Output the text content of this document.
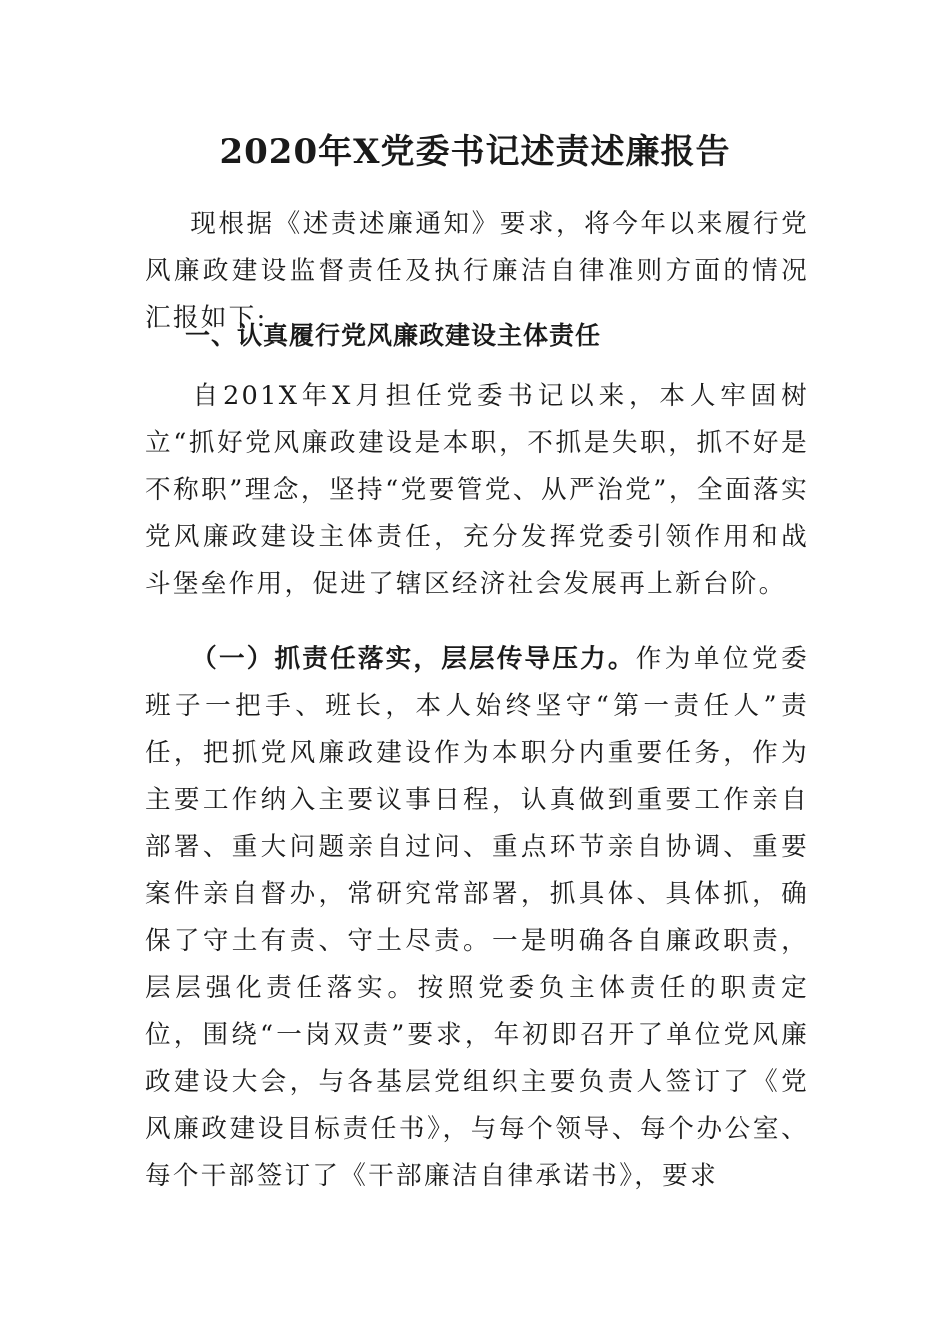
2020年X党委书记述责述廉报告

现根据《述责述廉通知》要求，将今年以来履行党风廉政建设监督责任及执行廉洁自律准则方面的情况汇报如下:

一、认真履行党风廉政建设主体责任

自201X年X月担任党委书记以来，本人牢固树立“抓好党风廉政建设是本职，不抓是失职，抓不好是不称职”理念，坚持“党要管党、从严治党”，全面落实党风廉政建设主体责任，充分发挥党委引领作用和战斗堡垒作用，促进了辖区经济社会发展再上新台阶。

（一）抓责任落实，层层传导压力。作为单位党委班子一把手、班长，本人始终坚守“第一责任人”责任，把抓党风廉政建设作为本职分内重要任务，作为主要工作纳入主要议事日程，认真做到重要工作亲自部署、重大问题亲自过问、重点环节亲自协调、重要案件亲自督办，常研究常部署，抓具体、具体抓，确保了守土有责、守土尽责。一是明确各自廉政职责，层层强化责任落实。按照党委负主体责任的职责定位，围绕“一岗双责”要求，年初即召开了单位党风廉政建设大会，与各基层党组织主要负责人签订了《党风廉政建设目标责任书》，与每个领导、每个办公室、每个干部签订了《干部廉洁自律承诺书》，要求
